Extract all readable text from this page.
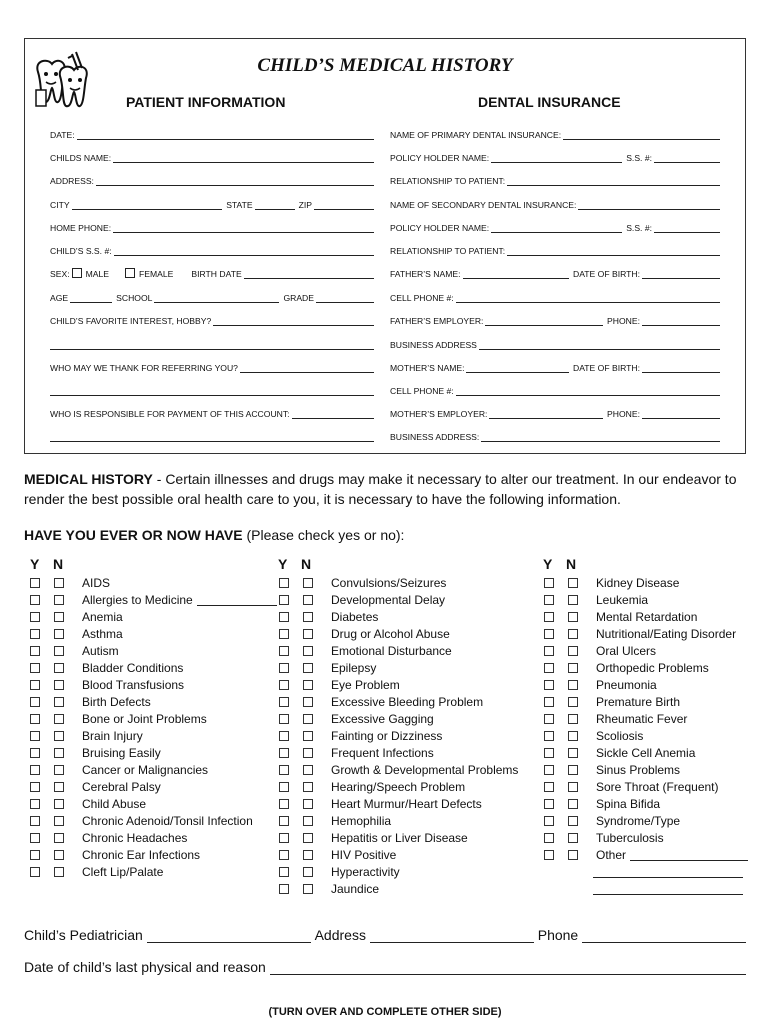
CHILD’S MEDICAL HISTORY
PATIENT INFORMATION	DENTAL INSURANCE
DATE:
CHILDS NAME:
ADDRESS:
CITY	STATE	ZIP
HOME PHONE:
CHILD’S S.S. #:
SEX: MALE	FEMALE BIRTH DATE
AGE	SCHOOL	GRADE
CHILD’S FAVORITE INTEREST, HOBBY?
WHO MAY WE THANK FOR REFERRING YOU?
WHO IS RESPONSIBLE FOR PAYMENT OF THIS ACCOUNT:
NAME OF PRIMARY DENTAL INSURANCE:
POLICY HOLDER NAME:	S.S. #:
RELATIONSHIP TO PATIENT:
NAME OF SECONDARY DENTAL INSURANCE:
POLICY HOLDER NAME:	S.S. #:
RELATIONSHIP TO PATIENT:
FATHER’S NAME:	DATE OF BIRTH:
CELL PHONE #:
FATHER’S EMPLOYER:	PHONE:
BUSINESS ADDRESS
MOTHER’S NAME:	DATE OF BIRTH:
CELL PHONE #:
MOTHER’S EMPLOYER:	PHONE:
BUSINESS ADDRESS:
MEDICAL HISTORY - Certain illnesses and drugs may make it necessary to alter our treatment. In our endeavor to render the best possible oral health care to you, it is necessary to have the following information.
HAVE YOU EVER OR NOW HAVE (Please check yes or no):
Y N	Y N	Y N
AIDS
Allergies to Medicine
Anemia
Asthma
Autism
Bladder Conditions
Blood Transfusions
Birth Defects
Bone or Joint Problems
Brain Injury
Bruising Easily
Cancer or Malignancies
Cerebral Palsy
Child Abuse
Chronic Adenoid/Tonsil Infection
Chronic Headaches
Chronic Ear Infections
Cleft Lip/Palate
Convulsions/Seizures
Developmental Delay
Diabetes
Drug or Alcohol Abuse
Emotional Disturbance
Epilepsy
Eye Problem
Excessive Bleeding Problem
Excessive Gagging
Fainting or Dizziness
Frequent Infections
Growth & Developmental Problems
Hearing/Speech Problem
Heart Murmur/Heart Defects
Hemophilia
Hepatitis or Liver Disease
HIV Positive
Hyperactivity
Jaundice
Kidney Disease
Leukemia
Mental Retardation
Nutritional/Eating Disorder
Oral Ulcers
Orthopedic Problems
Pneumonia
Premature Birth
Rheumatic Fever
Scoliosis
Sickle Cell Anemia
Sinus Problems
Sore Throat (Frequent)
Spina Bifida
Syndrome/Type
Tuberculosis
Other
Child’s Pediatrician	Address	Phone
Date of child’s last physical and reason
(TURN OVER AND COMPLETE OTHER SIDE)
